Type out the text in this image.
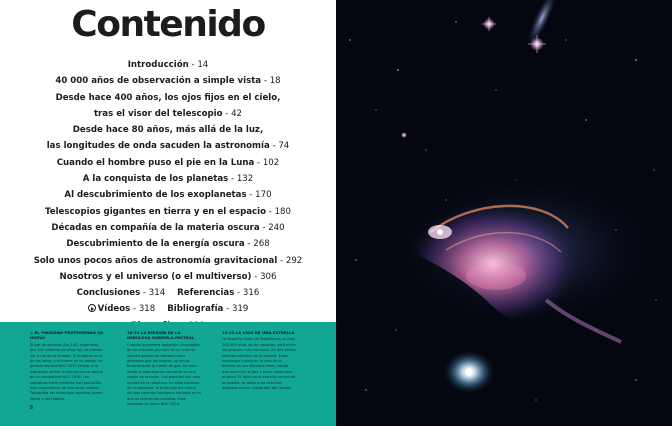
Contenido
Introducción - 14
40 000 años de observación a simple vista - 18
Desde hace 400 años, los ojos fijos en el cielo,
tras el visor del telescopio - 42
Desde hace 80 años, más allá de la luz,
las longitudes de onda sacuden la astronomía - 74
Cuando el hombre puso el pie en la Luna - 102
A la conquista de los planetas - 132
Al descubrimiento de los exoplanetas - 170
Telescopios gigantes en tierra y en el espacio - 180
Décadas en compañía de la materia oscura - 240
Descubrimiento de la energía oscura - 268
Solo unos pocos años de astronomía gravitacional - 292
Nosotros y el universo (o el multiverso) - 306
Conclusiones - 314 Referencias - 316
Vídeos - 318 Bibliografía - 319
< EL PINGÜINO PROTEGIENDO SU HUEVO
El par de galaxias Arp 142, separadas por 100 millones de años luz, se pueden ver a ras de la imagen. El pingüino es el de los lados, y el huevo de su pareja. La galaxia elíptica NGC 2937 (abajo, a la izquierda) define la estructura en espiral de su compañera NGC 2936. Las colisiones entre estrellas han producido este espectáculo de formación estelar. Fotografía del telescopio espacial James Webb y del Hubble.
18-19 LA EMISIÓN DE LA NEBULOSA GABRIELA MISTRAL
Cuando la primera radiación ultravioleta de las estrellas jóvenes de un cúmulo abierto golpea las densas nubes gaseosas que las rodean, se ioniza bruscamente el medio de gas. De este modo la nebulosa se convierte en una región de emisión. Las estrellas son más tenues en la nebulosa. En ellas estamos de la nebulosa; el brillo rojo del centro del gas caliente hidrógeno ionizado en el que se forman las estrellas. Esta nebulosa se llama NGC 3324.
12-13 LA VIDA DE UNA ESTRELLA
La Pequeña Nube de Magallanes, a unos 200 000 años luz de nosotros, está entre las galaxias más cercanas. En ella brillan jóvenes estrellas de la galaxia. Estas nebulosas muestran la vida de la estrella en sus distintas fases, desde que nacen en el gas y polvo hasta que mueren. El brillo de la estrella central de la galaxia, se debe a las estrellas gigantes azules. Fotografía del Hubble.
8
